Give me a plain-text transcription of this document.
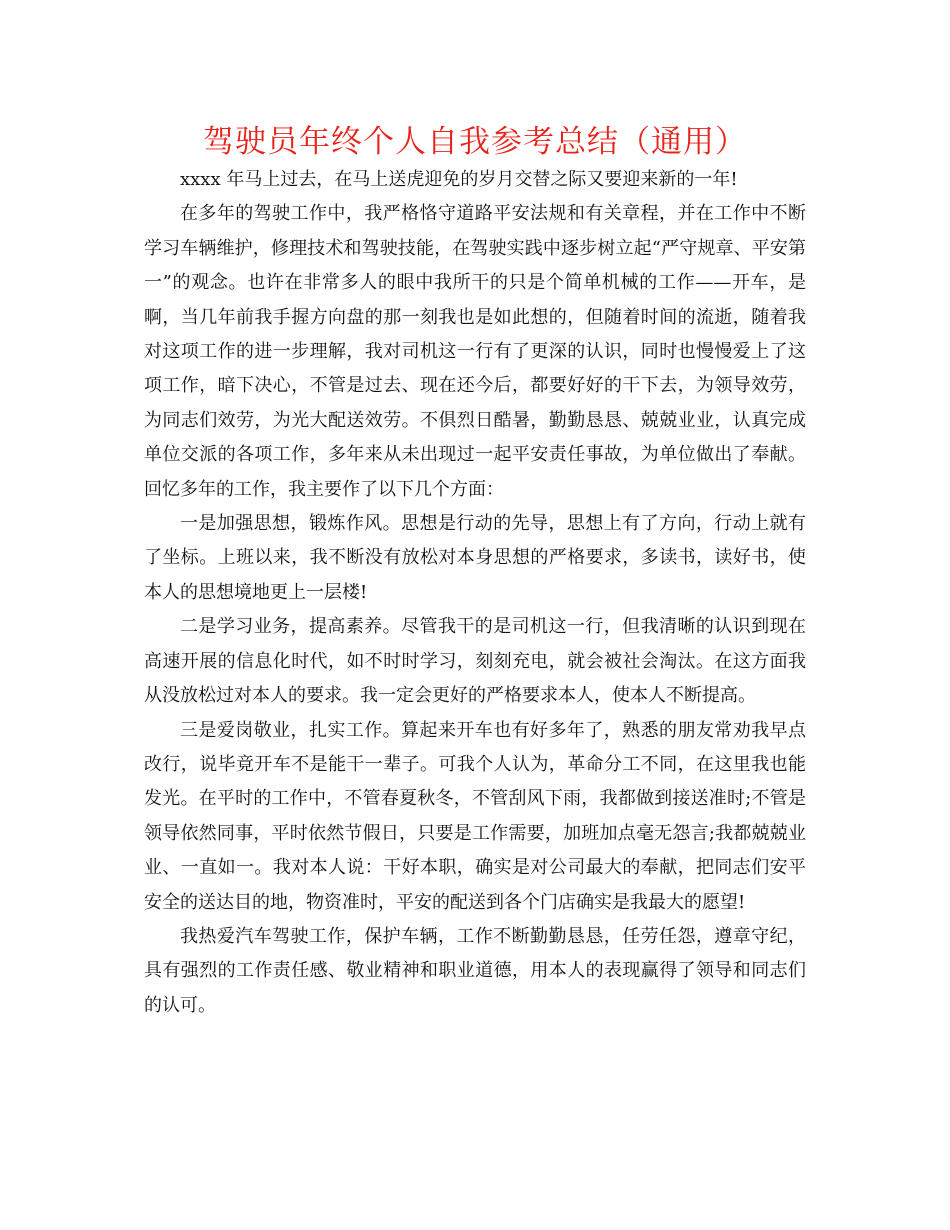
驾驶员年终个人自我参考总结（通用）

xxxx 年马上过去，在马上送虎迎免的岁月交替之际又要迎来新的一年!

在多年的驾驶工作中，我严格恪守道路平安法规和有关章程，并在工作中不断学习车辆维护，修理技术和驾驶技能，在驾驶实践中逐步树立起“严守规章、平安第一”的观念。也许在非常多人的眼中我所干的只是个简单机械的工作——开车，是啊，当几年前我手握方向盘的那一刻我也是如此想的，但随着时间的流逝，随着我对这项工作的进一步理解，我对司机这一行有了更深的认识，同时也慢慢爱上了这项工作，暗下决心，不管是过去、现在还今后，都要好好的干下去，为领导效劳，为同志们效劳，为光大配送效劳。不俱烈日酷暑，勤勤恳恳、兢兢业业，认真完成单位交派的各项工作，多年来从未出现过一起平安责任事故，为单位做出了奉献。回忆多年的工作，我主要作了以下几个方面：

一是加强思想，锻炼作风。思想是行动的先导，思想上有了方向，行动上就有了坐标。上班以来，我不断没有放松对本身思想的严格要求，多读书，读好书，使本人的思想境地更上一层楼!

二是学习业务，提高素养。尽管我干的是司机这一行，但我清晰的认识到现在高速开展的信息化时代，如不时时学习，刻刻充电，就会被社会淘汰。在这方面我从没放松过对本人的要求。我一定会更好的严格要求本人，使本人不断提高。

三是爱岗敬业，扎实工作。算起来开车也有好多年了，熟悉的朋友常劝我早点改行，说毕竟开车不是能干一辈子。可我个人认为，革命分工不同，在这里我也能发光。在平时的工作中，不管春夏秋冬，不管刮风下雨，我都做到接送准时;不管是领导依然同事，平时依然节假日，只要是工作需要，加班加点毫无怨言;我都兢兢业业、一直如一。我对本人说：干好本职，确实是对公司最大的奉献，把同志们安平安全的送达目的地，物资准时，平安的配送到各个门店确实是我最大的愿望!

我热爱汽车驾驶工作，保护车辆，工作不断勤勤恳恳，任劳任怨，遵章守纪，具有强烈的工作责任感、敬业精神和职业道德，用本人的表现赢得了领导和同志们的认可。
